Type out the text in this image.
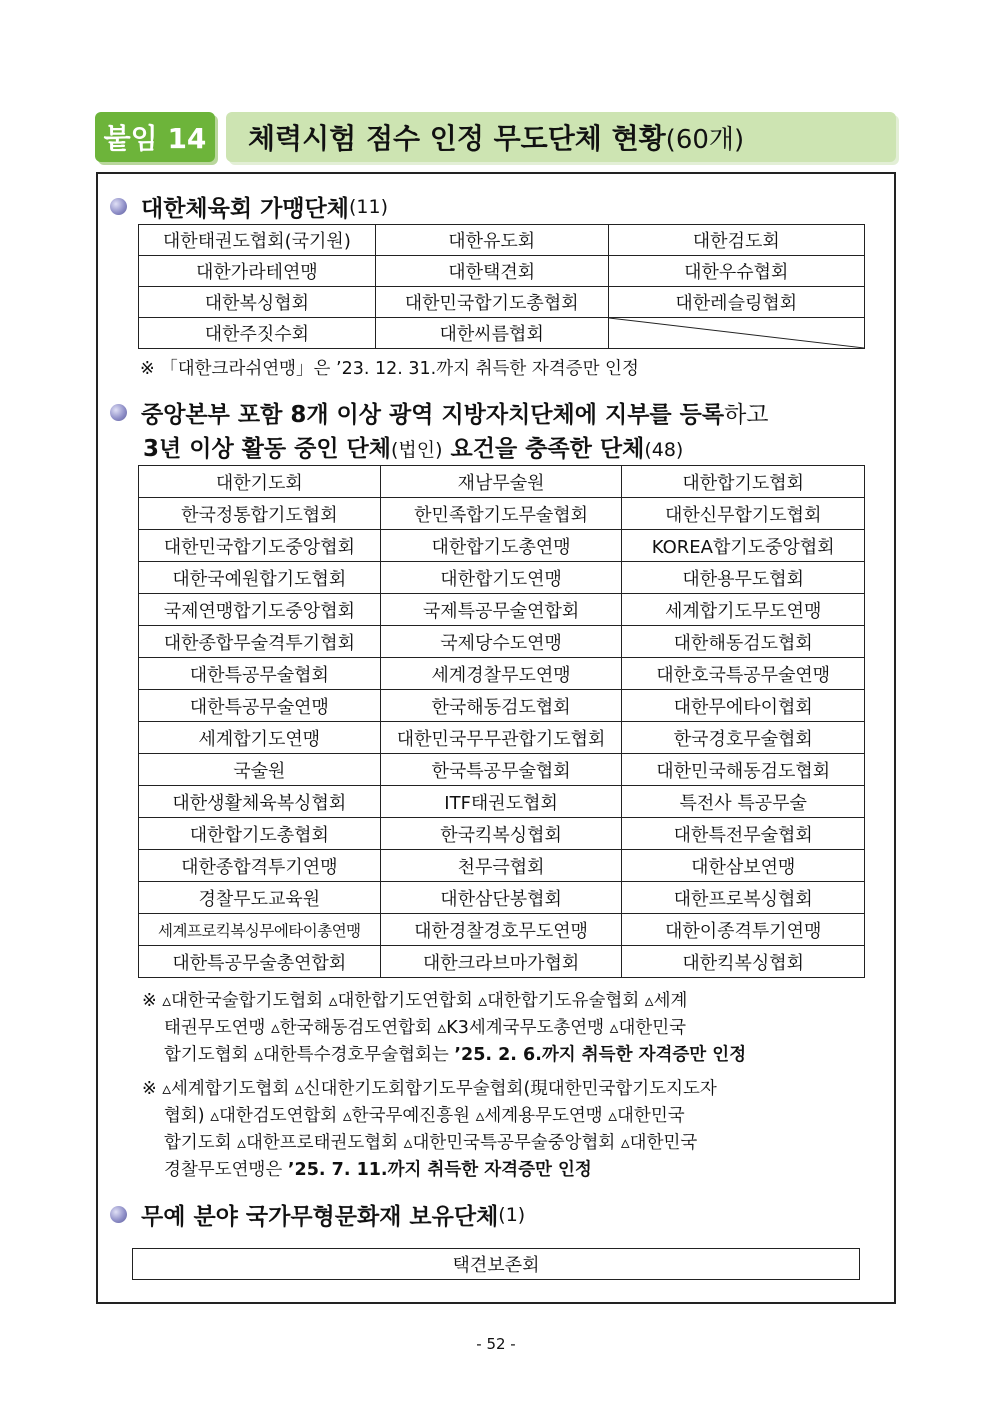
붙임 14	체력시험 점수 인정 무도단체 현황 (60개)
대한체육회 가맹단체 (11)
대한태권도협회(국기원)	대한유도회	대한검도회
대한가라테연맹	대한택견회	대한우슈협회
대한복싱협회	대한민국합기도총협회	대한레슬링협회
대한주짓수회	대한씨름협회	
※ 「대한크라쉬연맹」은 ’23. 12. 31.까지 취득한 자격증만 인정
중앙본부 포함 8개 이상 광역 지방자치단체에 지부를 등록 하고
3년 이상 활동 중인 단체(법인) 요건을 충족한 단체(48)
대한기도회	재남무술원	대한합기도협회
한국정통합기도협회	한민족합기도무술협회	대한신무합기도협회
대한민국합기도중앙협회	대한합기도총연맹	KOREA합기도중앙협회
대한국예원합기도협회	대한합기도연맹	대한용무도협회
국제연맹합기도중앙협회	국제특공무술연합회	세계합기도무도연맹
대한종합무술격투기협회	국제당수도연맹	대한해동검도협회
대한특공무술협회	세계경찰무도연맹	대한호국특공무술연맹
대한특공무술연맹	한국해동검도협회	대한무에타이협회
세계합기도연맹	대한민국무무관합기도협회	한국경호무술협회
국술원	한국특공무술협회	대한민국해동검도협회
대한생활체육복싱협회	ITF태권도협회	특전사 특공무술
대한합기도총협회	한국킥복싱협회	대한특전무술협회
대한종합격투기연맹	천무극협회	대한삼보연맹
경찰무도교육원	대한삼단봉협회	대한프로복싱협회
세계프로킥복싱무에타이총연맹	대한경찰경호무도연맹	대한이종격투기연맹
대한특공무술총연합회	대한크라브마가협회	대한킥복싱협회
※ ▵대한국술합기도협회 ▵대한합기도연합회 ▵대한합기도유술협회 ▵세계
태권무도연맹 ▵한국해동검도연합회 ▵K3세계국무도총연맹 ▵대한민국
합기도협회 ▵대한특수경호무술협회는 ’25. 2. 6.까지 취득한 자격증만 인정
※ ▵세계합기도협회 ▵신대한기도회합기도무술협회(現대한민국합기도지도자
협회) ▵대한검도연합회 ▵한국무예진흥원 ▵세계용무도연맹 ▵대한민국
합기도회 ▵대한프로태권도협회 ▵대한민국특공무술중앙협회 ▵대한민국
경찰무도연맹은 ’25. 7. 11.까지 취득한 자격증만 인정
무예 분야 국가무형문화재 보유단체 (1)
택견보존회
- 52 -
